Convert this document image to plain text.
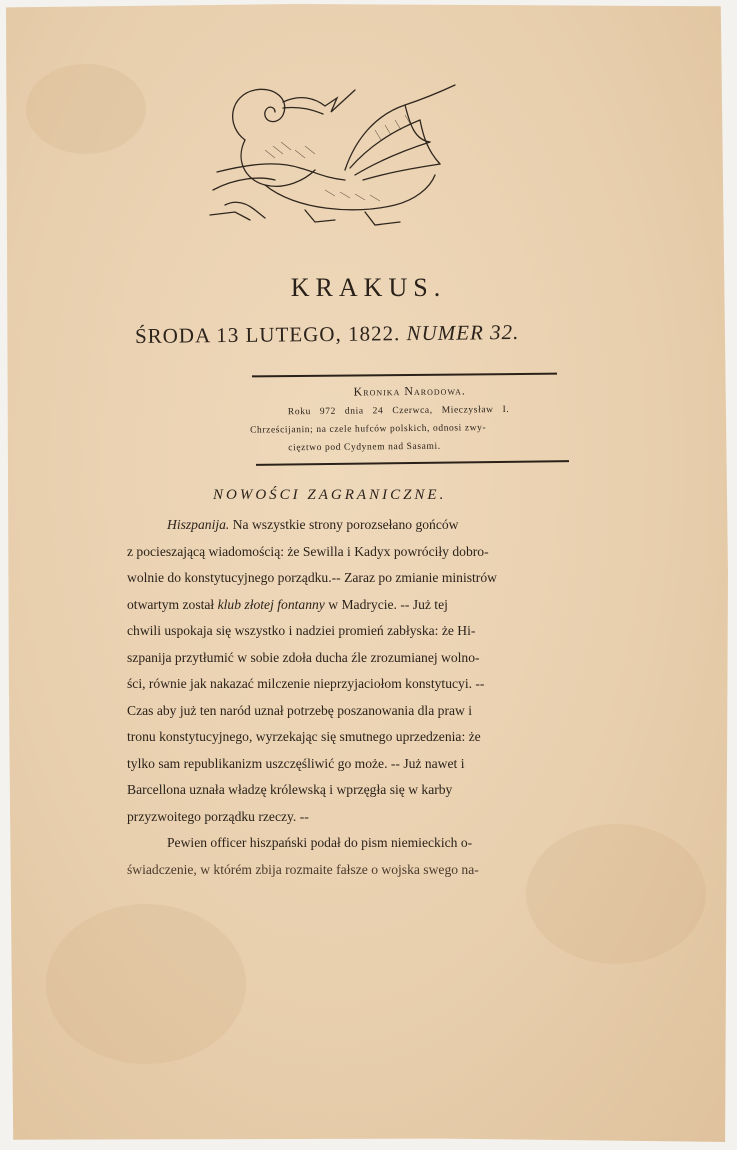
KRAKUS.
ŚRODA 13 LUTEGO, 1822. NUMER 32.
Kronika Narodowa.
Roku 972 dnia 24 Czerwca, Mieczysław I.
Chrześcijanin; na czele hufców polskich, odnosi zwy-
cięztwo pod Cydynem nad Sasami.
NOWOŚCI ZAGRANICZNE.
Hiszpanija. Na wszystkie strony porozsełano gońców
z pocieszającą wiadomością: że Sewilla i Kadyx powróciły dobro-
wolnie do konstytucyjnego porządku.-- Zaraz po zmianie ministrów
otwartym został klub złotej fontanny w Madrycie. -- Już tej
chwili uspokaja się wszystko i nadziei promień zabłyska: że Hi-
szpanija przytłumić w sobie zdoła ducha źle zrozumianej wolno-
ści, równie jak nakazać milczenie nieprzyjaciołom konstytucyi. --
Czas aby już ten naród uznał potrzebę poszanowania dla praw i
tronu konstytucyjnego, wyrzekając się smutnego uprzedzenia: że
tylko sam republikanizm uszczęśliwić go może. -- Już nawet i
Barcellona uznała władzę królewską i wprzęgła się w karby
przyzwoitego porządku rzeczy. --
Pewien officer hiszpański podał do pism niemieckich o-
świadczenie, w którém zbija rozmaite fałsze o wojska swego na-
